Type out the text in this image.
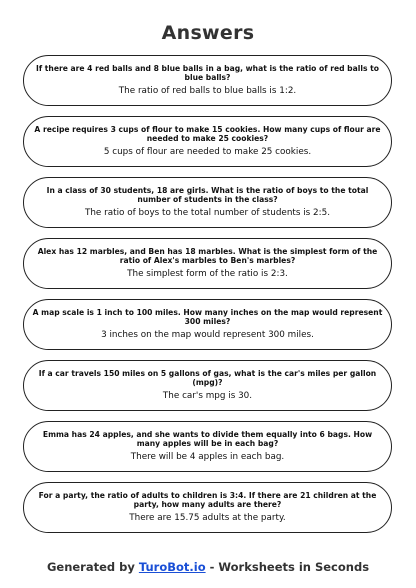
Answers
If there are 4 red balls and 8 blue balls in a bag, what is the ratio of red balls to blue balls?
The ratio of red balls to blue balls is 1:2.
A recipe requires 3 cups of flour to make 15 cookies. How many cups of flour are needed to make 25 cookies?
5 cups of flour are needed to make 25 cookies.
In a class of 30 students, 18 are girls. What is the ratio of boys to the total number of students in the class?
The ratio of boys to the total number of students is 2:5.
Alex has 12 marbles, and Ben has 18 marbles. What is the simplest form of the ratio of Alex's marbles to Ben's marbles?
The simplest form of the ratio is 2:3.
A map scale is 1 inch to 100 miles. How many inches on the map would represent 300 miles?
3 inches on the map would represent 300 miles.
If a car travels 150 miles on 5 gallons of gas, what is the car's miles per gallon (mpg)?
The car's mpg is 30.
Emma has 24 apples, and she wants to divide them equally into 6 bags. How many apples will be in each bag?
There will be 4 apples in each bag.
For a party, the ratio of adults to children is 3:4. If there are 21 children at the party, how many adults are there?
There are 15.75 adults at the party.
Generated by TuroBot.io - Worksheets in Seconds
